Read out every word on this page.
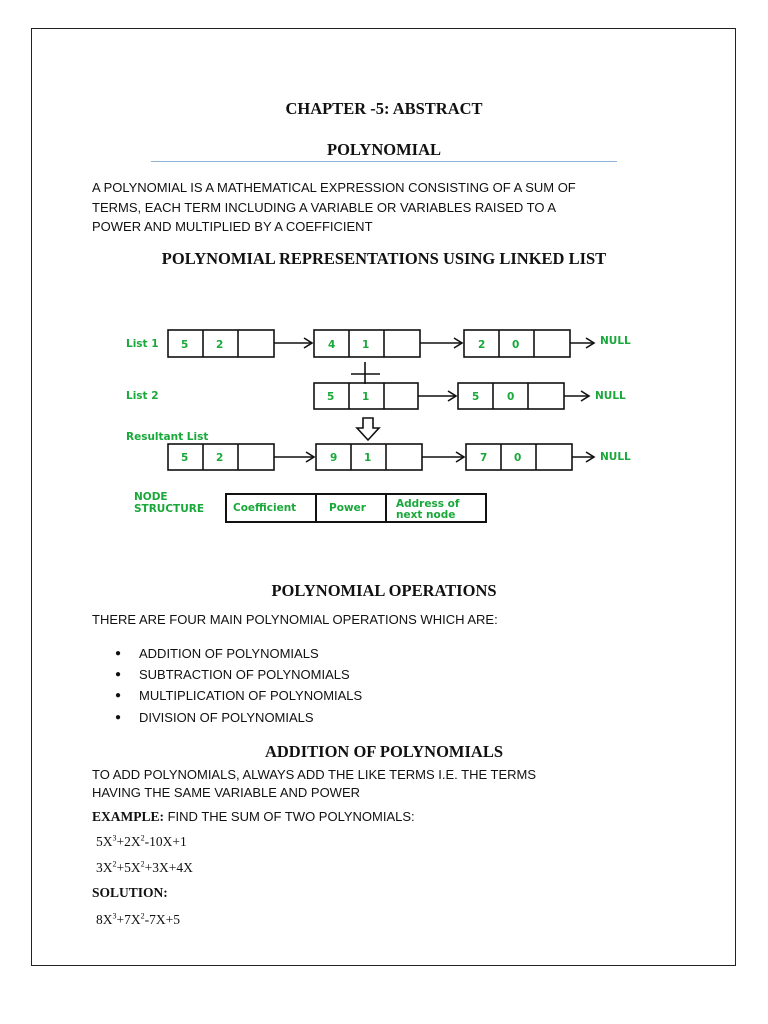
CHAPTER -5: ABSTRACT
POLYNOMIAL
A POLYNOMIAL IS A MATHEMATICAL EXPRESSION CONSISTING OF A SUM OF
TERMS, EACH TERM INCLUDING A VARIABLE OR VARIABLES RAISED TO A
POWER AND MULTIPLIED BY A COEFFICIENT
POLYNOMIAL REPRESENTATIONS USING LINKED LIST
List 1
List 2
Resultant List
5	2	4	1	2	0	NULL
5	1	5	0	NULL
5	2	9	1	7	0	NULL
NODE
STRUCTURE	Coefficient	Power	Address of
next node
POLYNOMIAL OPERATIONS
THERE ARE FOUR MAIN POLYNOMIAL OPERATIONS WHICH ARE:
●	ADDITION OF POLYNOMIALS
●	SUBTRACTION OF POLYNOMIALS
●	MULTIPLICATION OF POLYNOMIALS
●	DIVISION OF POLYNOMIALS
ADDITION OF POLYNOMIALS
TO ADD POLYNOMIALS, ALWAYS ADD THE LIKE TERMS I.E. THE TERMS
HAVING THE SAME VARIABLE AND POWER
EXAMPLE: FIND THE SUM OF TWO POLYNOMIALS:
$5X^3+2X^2-10X+1$
$3X^2+5X^2+3X+4X$
SOLUTION:
$8X^3+7X^2-7X+5$
